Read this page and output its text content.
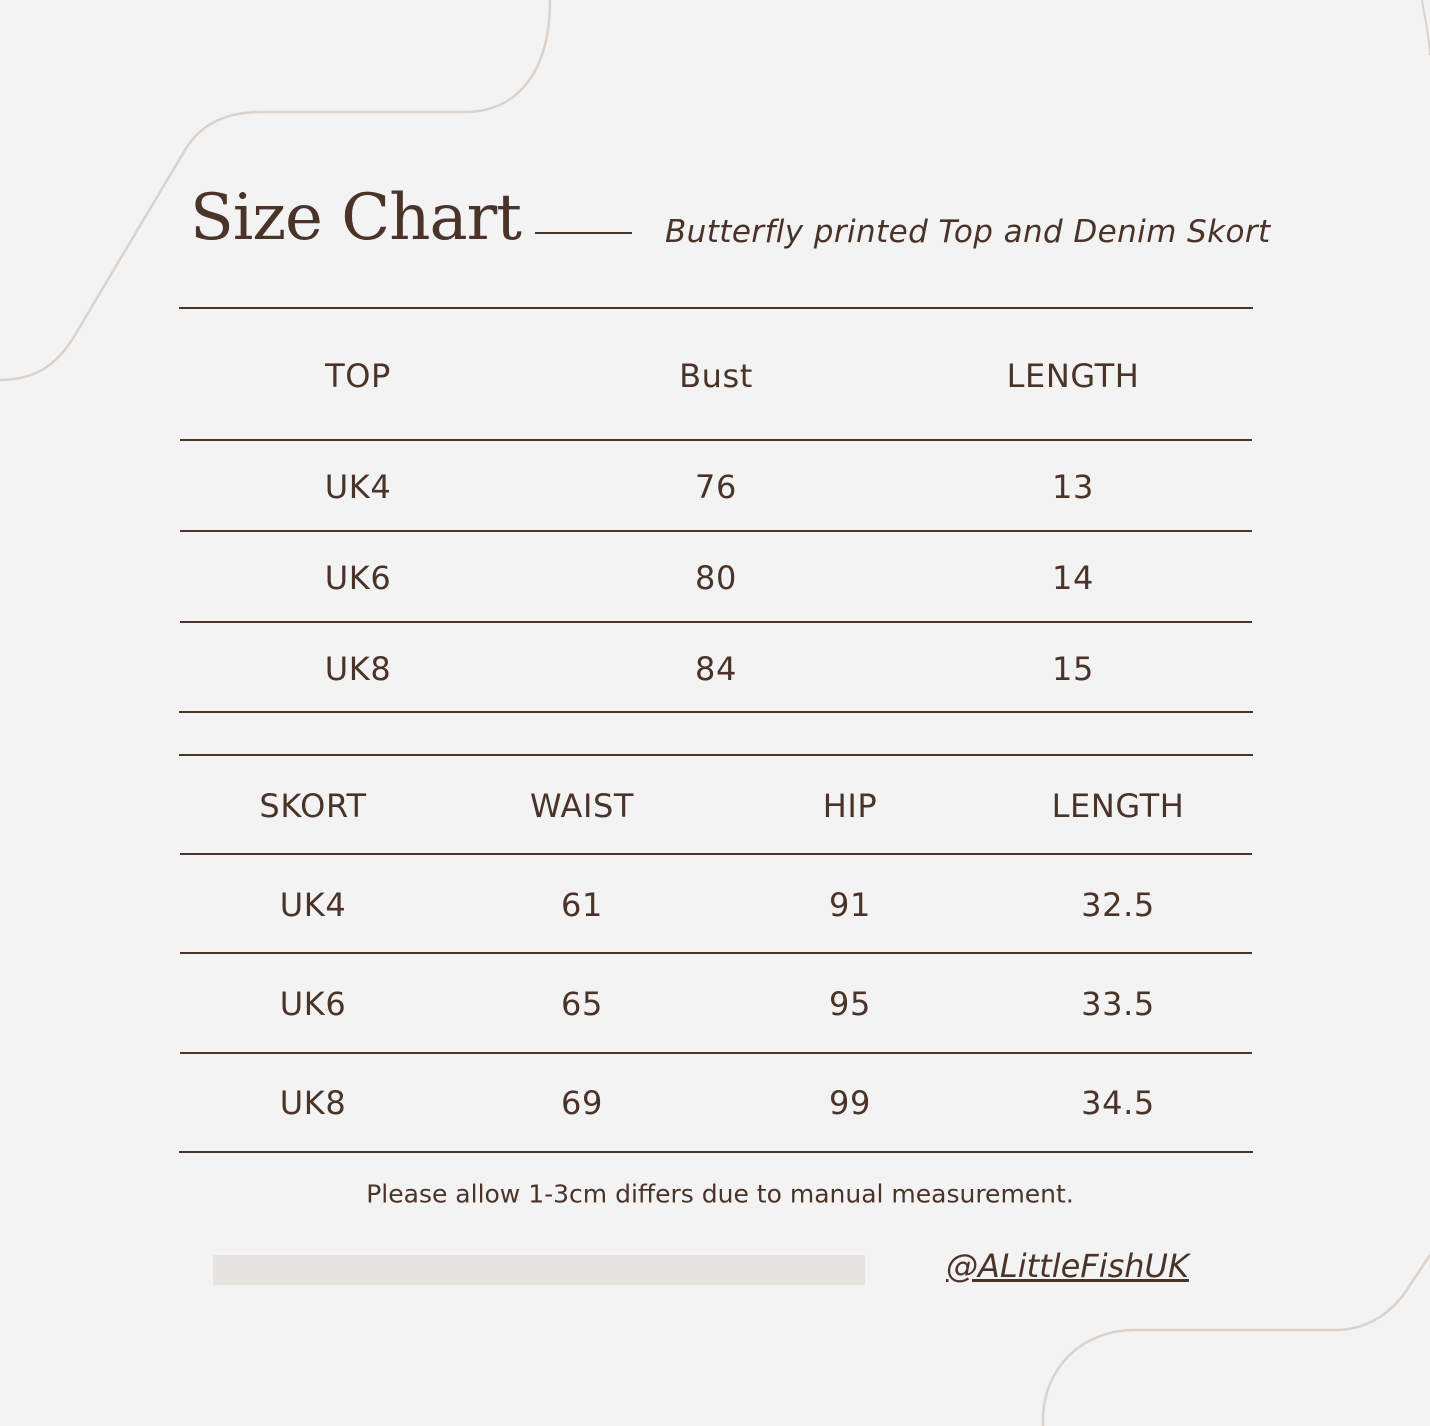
Size Chart	Butterfly printed Top and Denim Skort
TOP	Bust	LENGTH
UK4	76	13
UK6	80	14
UK8	84	15
SKORT	WAIST	HIP	LENGTH
UK4	61	91	32.5
UK6	65	95	33.5
UK8	69	99	34.5
Please allow 1-3cm differs due to manual measurement.
@ALittleFishUK
